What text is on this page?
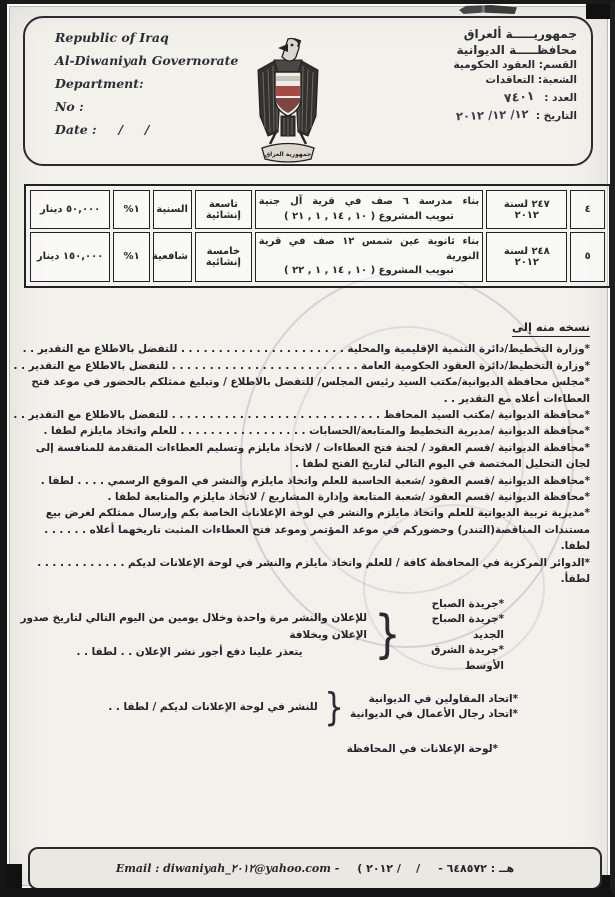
Republic of Iraq
Al-Diwaniyah Governorate
Department:
No :
Date :     /     /
جمهورية العراق
جمهوريـــــة ألعراق
محافظـــــة الديوانية
القسم: العقود الحكومية
الشعبة: التعاقدات
العدد :٧٤٠١
التاريخ : ١٢/ ١٢/ ٢٠١٢
٤	٢٤٧ لسنة ٢٠١٢	بناء مدرسة ٦ صف في قرية آل جنية
تبويب المشروع ( ٢١ , ١ , ١٤ , ١٠ )	تاسعة إنشائية	السنية	١%	٥٠,٠٠٠ دينار
٥	٢٤٨ لسنة ٢٠١٢	بناء ثانوية عين شمس ١٢ صف في قرية النورية
تبويب المشروع ( ٢٢ , ١ , ١٤ , ١٠ )	خامسة إنشائية	شافعية	١%	١٥٠,٠٠٠ دينار
نسخه منه إلى
*وزارة التخطيط/دائرة التنمية الإقليمية والمحلية . . . . . . . . . . . . . . . . . . . . . . للتفضل بالاطلاع مع التقدير . .
*وزارة التخطيط/دائرة العقود الحكومية العامة . . . . . . . . . . . . . . . . . . . . . . . . . للتفضل بالاطلاع مع التقدير . .
*مجلس محافظة الديوانية/مكتب السيد رئيس المجلس/ للتفضل بالاطلاع / وتبليغ ممثلكم بالحضور في موعد فتح العطاءات أعلاه مع التقدير . .
*محافظة الديوانية /مكتب السيد المحافظ . . . . . . . . . . . . . . . . . . . . . . . . . . . . للتفضل بالاطلاع مع التقدير . .
*محافظة الديوانية /مديرية التخطيط والمتابعة/الحسابات . . . . . . . . . . . . . . . . . للعلم واتخاذ مايلزم لطفا .
*محافظة الديوانية /قسم العقود / لجنة فتح العطاءات / لاتخاذ مايلزم وتسليم العطاءات المتقدمة للمنافسة إلى لجان التحليل المختصة في اليوم التالي لتاريخ الفتح لطفا .
*محافظة الديوانية /قسم العقود /شعبة الحاسبة للعلم واتخاذ مايلزم والنشر في الموقع الرسمي . . . . لطفا .
*محافظة الديوانية /قسم العقود /شعبة المتابعة وإدارة المشاريع / لاتخاذ مايلزم والمتابعة لطفا .
*مديرية تربية الديوانية للعلم واتخاذ مايلزم والنشر في لوحة الإعلانات الخاصة بكم وإرسال ممثلكم لغرض بيع مستندات المناقصة(التندر) وحضوركم في موعد المؤتمر وموعد فتح العطاءات المثبت تاريخهما أعلاه . . . . . . لطفا.
*الدوائر المركزية في المحافظة كافة / للعلم واتخاذ مايلزم والنشر في لوحة الإعلانات لديكم . . . . . . . . . . . . لطفأ.
*جريدة الصباح
*جريدة الصباح الجديد
*جريدة الشرق الأوسط
{
للإعلان والنشر مرة واحدة وخلال يومين من اليوم التالي لتاريخ صدور الإعلان وبخلافة
يتعذر علينا دفع أجور نشر الإعلان . . لطفا . .
*اتحاد المقاولين في الديوانية
*اتحاد رجال الأعمال في الديوانية
{
للنشر في لوحة الإعلانات لديكم / لطفا . .
*لوحة الإعلانات في المحافظة
Email : diwaniyah_٢٠١٢@yahoo.com - ( ٢٠١٢ /    / هــ : ٦٤٨٥٧٢ -
